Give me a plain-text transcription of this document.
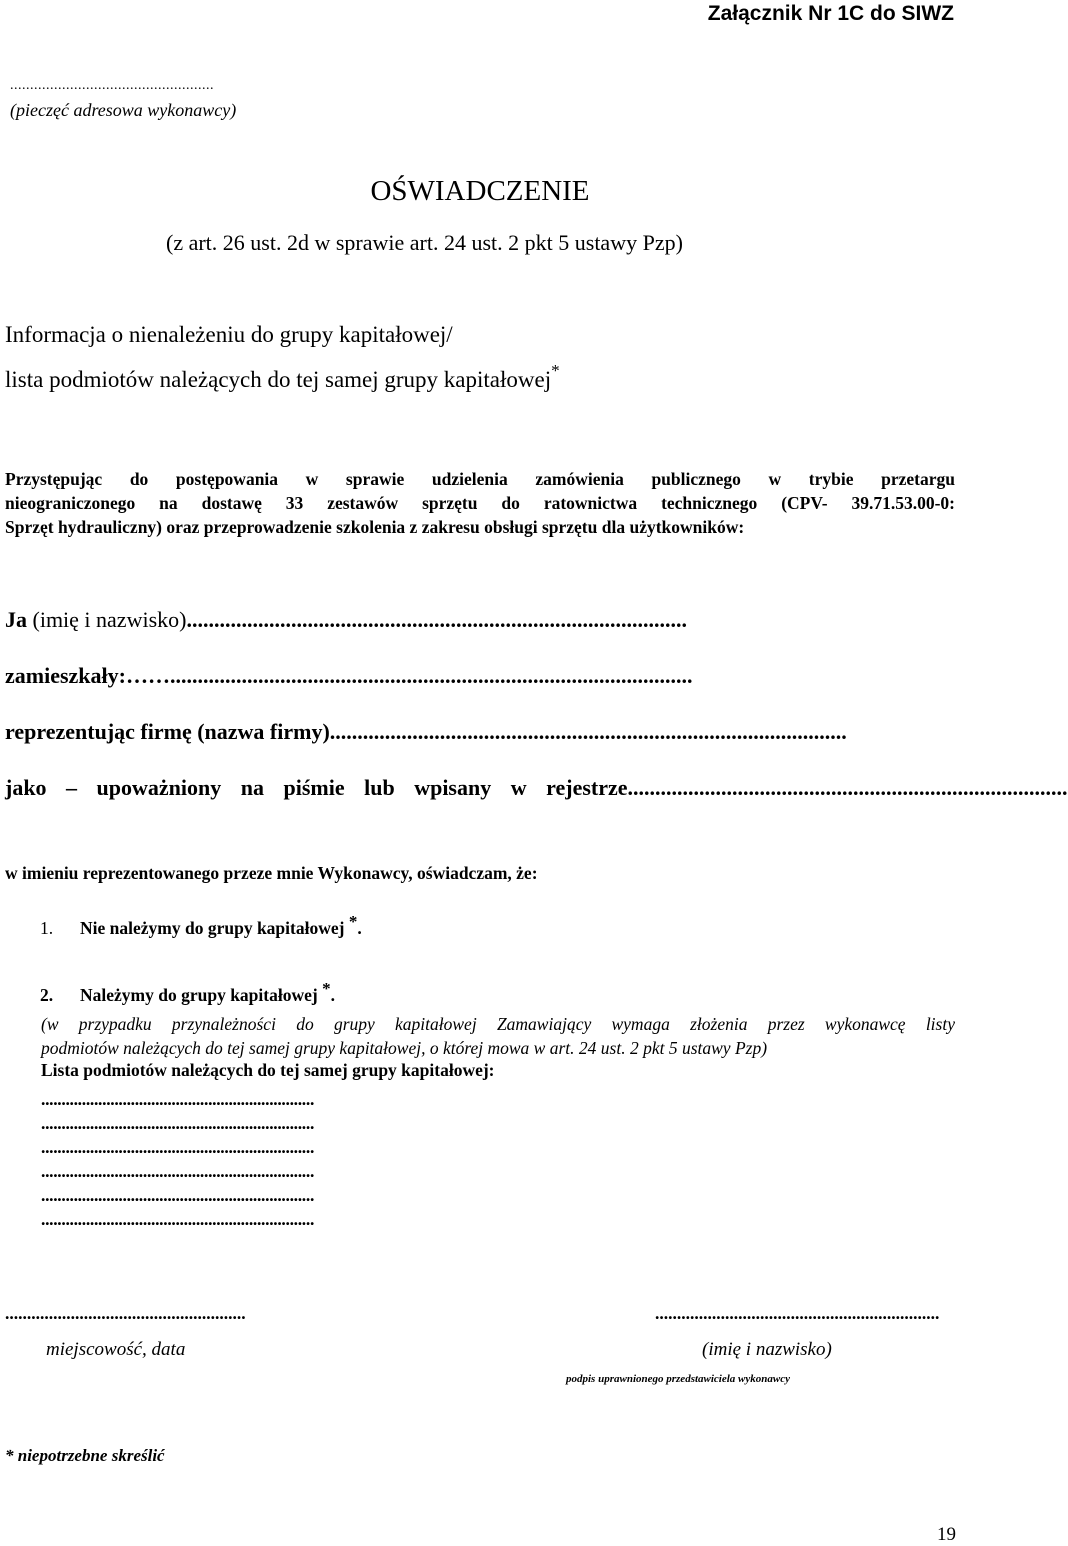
Załącznik Nr 1C do SIWZ
...................................................
(pieczęć adresowa wykonawcy)
OŚWIADCZENIE
(z art. 26 ust. 2d w sprawie art. 24 ust. 2 pkt 5 ustawy Pzp)
Informacja o nienależeniu do grupy kapitałowej/
lista podmiotów należących do tej samej grupy kapitałowej*
Przystępując do postępowania w sprawie udzielenia zamówienia publicznego w trybie przetargu
nieograniczonego na dostawę 33 zestawów sprzętu do ratownictwa technicznego (CPV- 39.71.53.00-0:
Sprzęt hydrauliczny) oraz przeprowadzenie szkolenia z zakresu obsługi sprzętu dla użytkowników:
Ja (imię i nazwisko)...........................................................................................
zamieszkały:……...............................................................................................
reprezentując firmę (nazwa firmy)..............................................................................................
jako – upoważniony na piśmie lub wpisany w rejestrze................................................................................
w imieniu reprezentowanego przeze mnie Wykonawcy, oświadczam, że:
1. Nie należymy do grupy kapitałowej *.
2. Należymy do grupy kapitałowej *.
(w przypadku przynależności do grupy kapitałowej Zamawiający wymaga złożenia przez wykonawcę listy
podmiotów należących do tej samej grupy kapitałowej, o której mowa w art. 24 ust. 2 pkt 5 ustawy Pzp)
Lista podmiotów należących do tej samej grupy kapitałowej:
...................................................................
...................................................................
...................................................................
...................................................................
...................................................................
...................................................................
.......................................................	.................................................................
miejscowość, data	(imię i nazwisko)
podpis uprawnionego przedstawiciela wykonawcy
* niepotrzebne skreślić
19
